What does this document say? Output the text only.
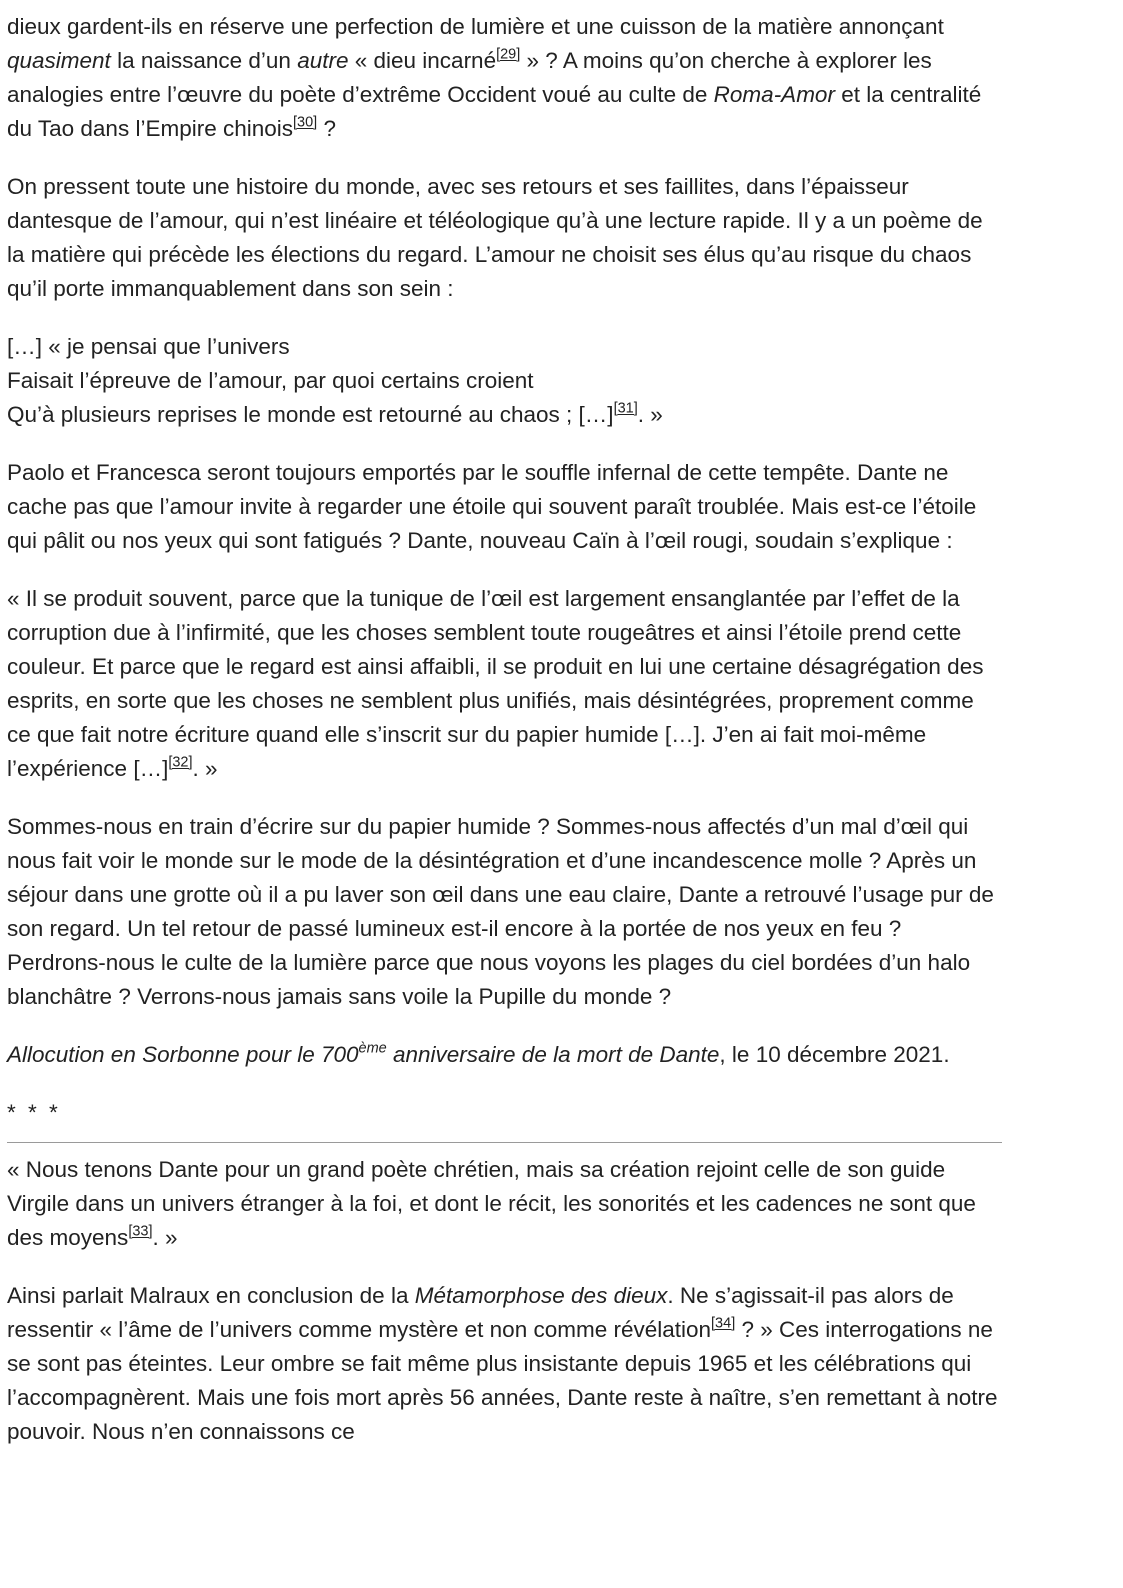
dieux gardent-ils en réserve une perfection de lumière et une cuisson de la matière annonçant quasiment la naissance d’un autre « dieu incarné[29] » ? A moins qu’on cherche à explorer les analogies entre l’œuvre du poète d’extrême Occident voué au culte de Roma-Amor et la centralité du Tao dans l’Empire chinois[30] ?

On pressent toute une histoire du monde, avec ses retours et ses faillites, dans l’épaisseur dantesque de l’amour, qui n’est linéaire et téléologique qu’à une lecture rapide. Il y a un poème de la matière qui précède les élections du regard. L’amour ne choisit ses élus qu’au risque du chaos qu’il porte immanquablement dans son sein :

[…] « je pensai que l’univers
Faisait l’épreuve de l’amour, par quoi certains croient
Qu’à plusieurs reprises le monde est retourné au chaos ; […][31]. »

Paolo et Francesca seront toujours emportés par le souffle infernal de cette tempête. Dante ne cache pas que l’amour invite à regarder une étoile qui souvent paraît troublée. Mais est-ce l’étoile qui pâlit ou nos yeux qui sont fatigués ? Dante, nouveau Caïn à l’œil rougi, soudain s’explique :

« Il se produit souvent, parce que la tunique de l’œil est largement ensanglantée par l’effet de la corruption due à l’infirmité, que les choses semblent toute rougeâtres et ainsi l’étoile prend cette couleur. Et parce que le regard est ainsi affaibli, il se produit en lui une certaine désagrégation des esprits, en sorte que les choses ne semblent plus unifiés, mais désintégrées, proprement comme ce que fait notre écriture quand elle s’inscrit sur du papier humide […]. J’en ai fait moi-même l’expérience […][32]. »

Sommes-nous en train d’écrire sur du papier humide ? Sommes-nous affectés d’un mal d’œil qui nous fait voir le monde sur le mode de la désintégration et d’une incandescence molle ? Après un séjour dans une grotte où il a pu laver son œil dans une eau claire, Dante a retrouvé l’usage pur de son regard. Un tel retour de passé lumineux est-il encore à la portée de nos yeux en feu ? Perdrons-nous le culte de la lumière parce que nous voyons les plages du ciel bordées d’un halo blanchâtre ? Verrons-nous jamais sans voile la Pupille du monde ?

Allocution en Sorbonne pour le 700ème anniversaire de la mort de Dante, le 10 décembre 2021.

* * *

« Nous tenons Dante pour un grand poète chrétien, mais sa création rejoint celle de son guide Virgile dans un univers étranger à la foi, et dont le récit, les sonorités et les cadences ne sont que des moyens[33]. »

Ainsi parlait Malraux en conclusion de la Métamorphose des dieux. Ne s’agissait-il pas alors de ressentir « l’âme de l’univers comme mystère et non comme révélation[34] ? » Ces interrogations ne se sont pas éteintes. Leur ombre se fait même plus insistante depuis 1965 et les célébrations qui l’accompagnèrent. Mais une fois mort après 56 années, Dante reste à naître, s’en remettant à notre pouvoir. Nous n’en connaissons ce
